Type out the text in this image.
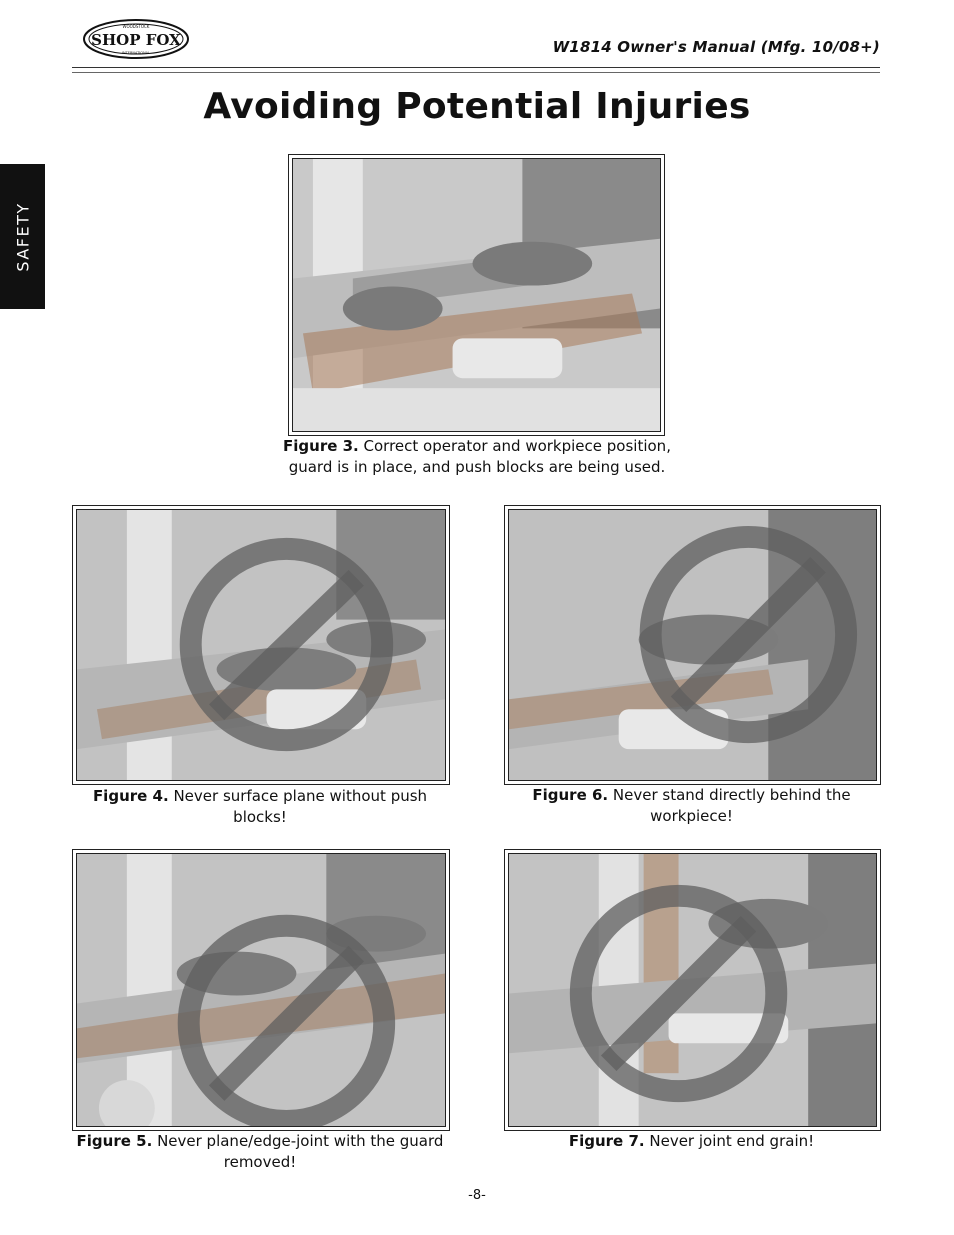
SHOP FOX
WOODSTOCK
INTERNATIONAL	W1814 Owner's Manual (Mfg. 10/08+)
Avoiding Potential Injuries
SAFETY
Figure 3. Correct operator and workpiece position, guard is in place, and push blocks are being used.
Figure 4. Never surface plane without push blocks!
Figure 6. Never stand directly behind the workpiece!
Figure 5. Never plane/edge-joint with the guard removed!
Figure 7. Never joint end grain!
-8-
